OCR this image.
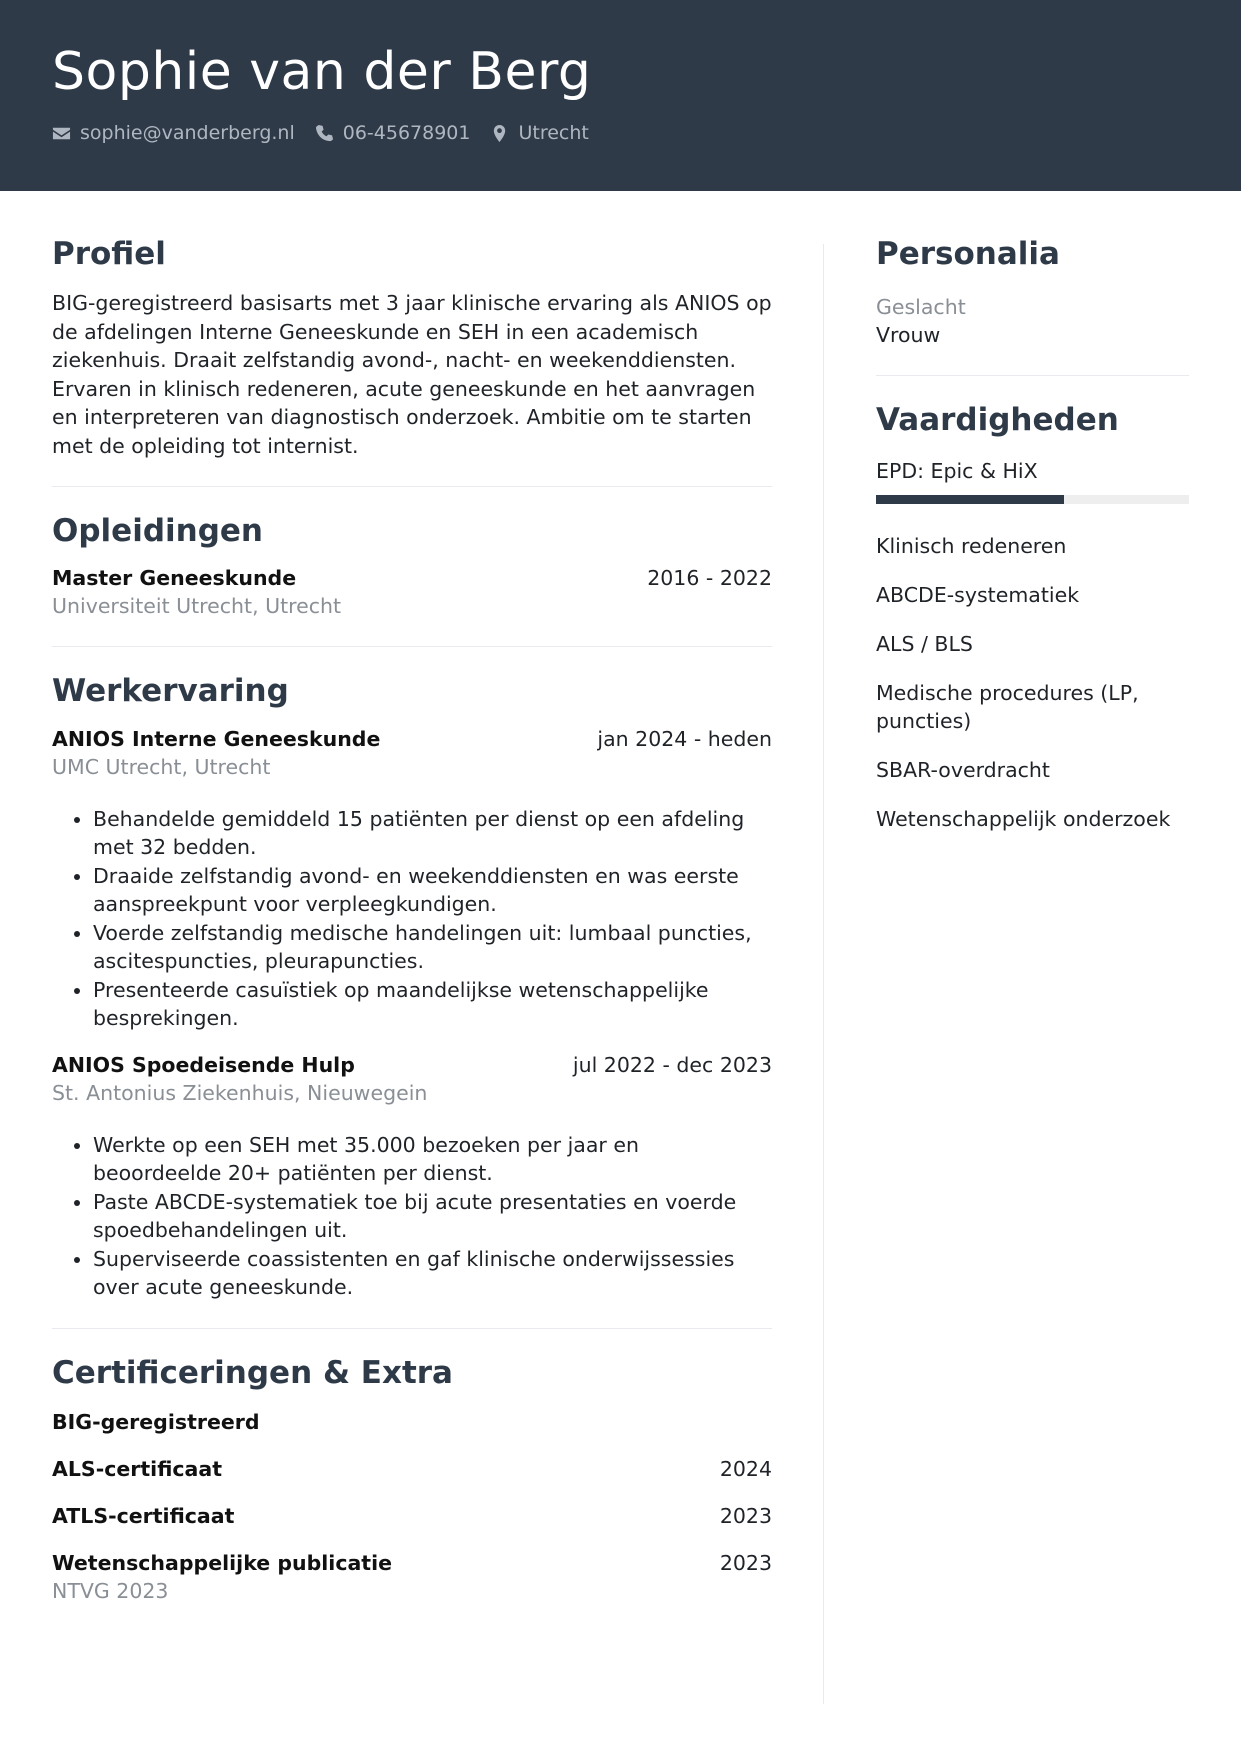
Sophie van der Berg
sophie@vanderberg.nl	06-45678901	Utrecht
Profiel
BIG-geregistreerd basisarts met 3 jaar klinische ervaring als ANIOS op de afdelingen Interne Geneeskunde en SEH in een academisch ziekenhuis. Draait zelfstandig avond-, nacht- en weekenddiensten. Ervaren in klinisch redeneren, acute geneeskunde en het aanvragen en interpreteren van diagnostisch onderzoek. Ambitie om te starten met de opleiding tot internist.
Opleidingen
Master Geneeskunde	2016 - 2022
Universiteit Utrecht, Utrecht
Werkervaring
ANIOS Interne Geneeskunde	jan 2024 - heden
UMC Utrecht, Utrecht
• Behandelde gemiddeld 15 patiënten per dienst op een afdeling met 32 bedden.
• Draaide zelfstandig avond- en weekenddiensten en was eerste aanspreekpunt voor verpleegkundigen.
• Voerde zelfstandig medische handelingen uit: lumbaal puncties, ascitespuncties, pleurapuncties.
• Presenteerde casuïstiek op maandelijkse wetenschappelijke besprekingen.
ANIOS Spoedeisende Hulp	jul 2022 - dec 2023
St. Antonius Ziekenhuis, Nieuwegein
• Werkte op een SEH met 35.000 bezoeken per jaar en beoordeelde 20+ patiënten per dienst.
• Paste ABCDE-systematiek toe bij acute presentaties en voerde spoedbehandelingen uit.
• Superviseerde coassistenten en gaf klinische onderwijssessies over acute geneeskunde.
Certificeringen & Extra
BIG-geregistreerd
ALS-certificaat	2024
ATLS-certificaat	2023
Wetenschappelijke publicatie	2023
NTVG 2023
Personalia
Geslacht
Vrouw
Vaardigheden
EPD: Epic & HiX
Klinisch redeneren
ABCDE-systematiek
ALS / BLS
Medische procedures (LP, puncties)
SBAR-overdracht
Wetenschappelijk onderzoek
